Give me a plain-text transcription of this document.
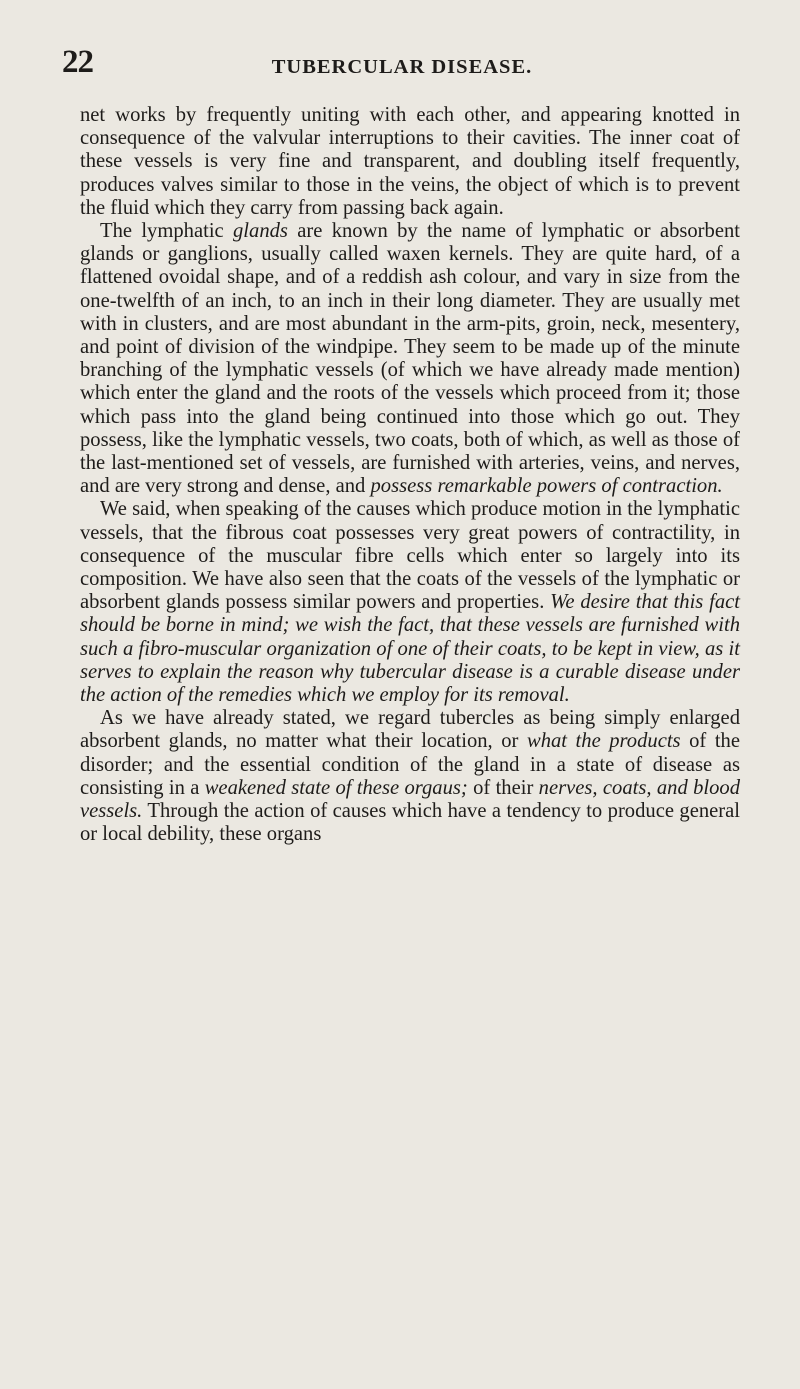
22	TUBERCULAR DISEASE.

net works by frequently uniting with each other, and appearing knotted in consequence of the valvular interruptions to their cavities. The inner coat of these vessels is very fine and transparent, and doubling itself frequently, produces valves similar to those in the veins, the object of which is to prevent the fluid which they carry from passing back again.

The lymphatic glands are known by the name of lymphatic or absorbent glands or ganglions, usually called waxen kernels. They are quite hard, of a flattened ovoidal shape, and of a reddish ash colour, and vary in size from the one-twelfth of an inch, to an inch in their long diameter. They are usually met with in clusters, and are most abundant in the arm-pits, groin, neck, mesentery, and point of division of the windpipe. They seem to be made up of the minute branching of the lymphatic vessels (of which we have already made mention) which enter the gland and the roots of the vessels which proceed from it; those which pass into the gland being continued into those which go out. They possess, like the lymphatic vessels, two coats, both of which, as well as those of the last-mentioned set of vessels, are furnished with arteries, veins, and nerves, and are very strong and dense, and possess remarkable powers of contraction.

We said, when speaking of the causes which produce motion in the lymphatic vessels, that the fibrous coat possesses very great powers of contractility, in consequence of the muscular fibre cells which enter so largely into its composition. We have also seen that the coats of the vessels of the lymphatic or absorbent glands possess similar powers and properties. We desire that this fact should be borne in mind; we wish the fact, that these vessels are furnished with such a fibro-muscular organization of one of their coats, to be kept in view, as it serves to explain the reason why tubercular disease is a curable disease under the action of the remedies which we employ for its removal.

As we have already stated, we regard tubercles as being simply enlarged absorbent glands, no matter what their location, or what the products of the disorder; and the essential condition of the gland in a state of disease as consisting in a weakened state of these orgaus; of their nerves, coats, and blood vessels. Through the action of causes which have a tendency to produce general or local debility, these organs
